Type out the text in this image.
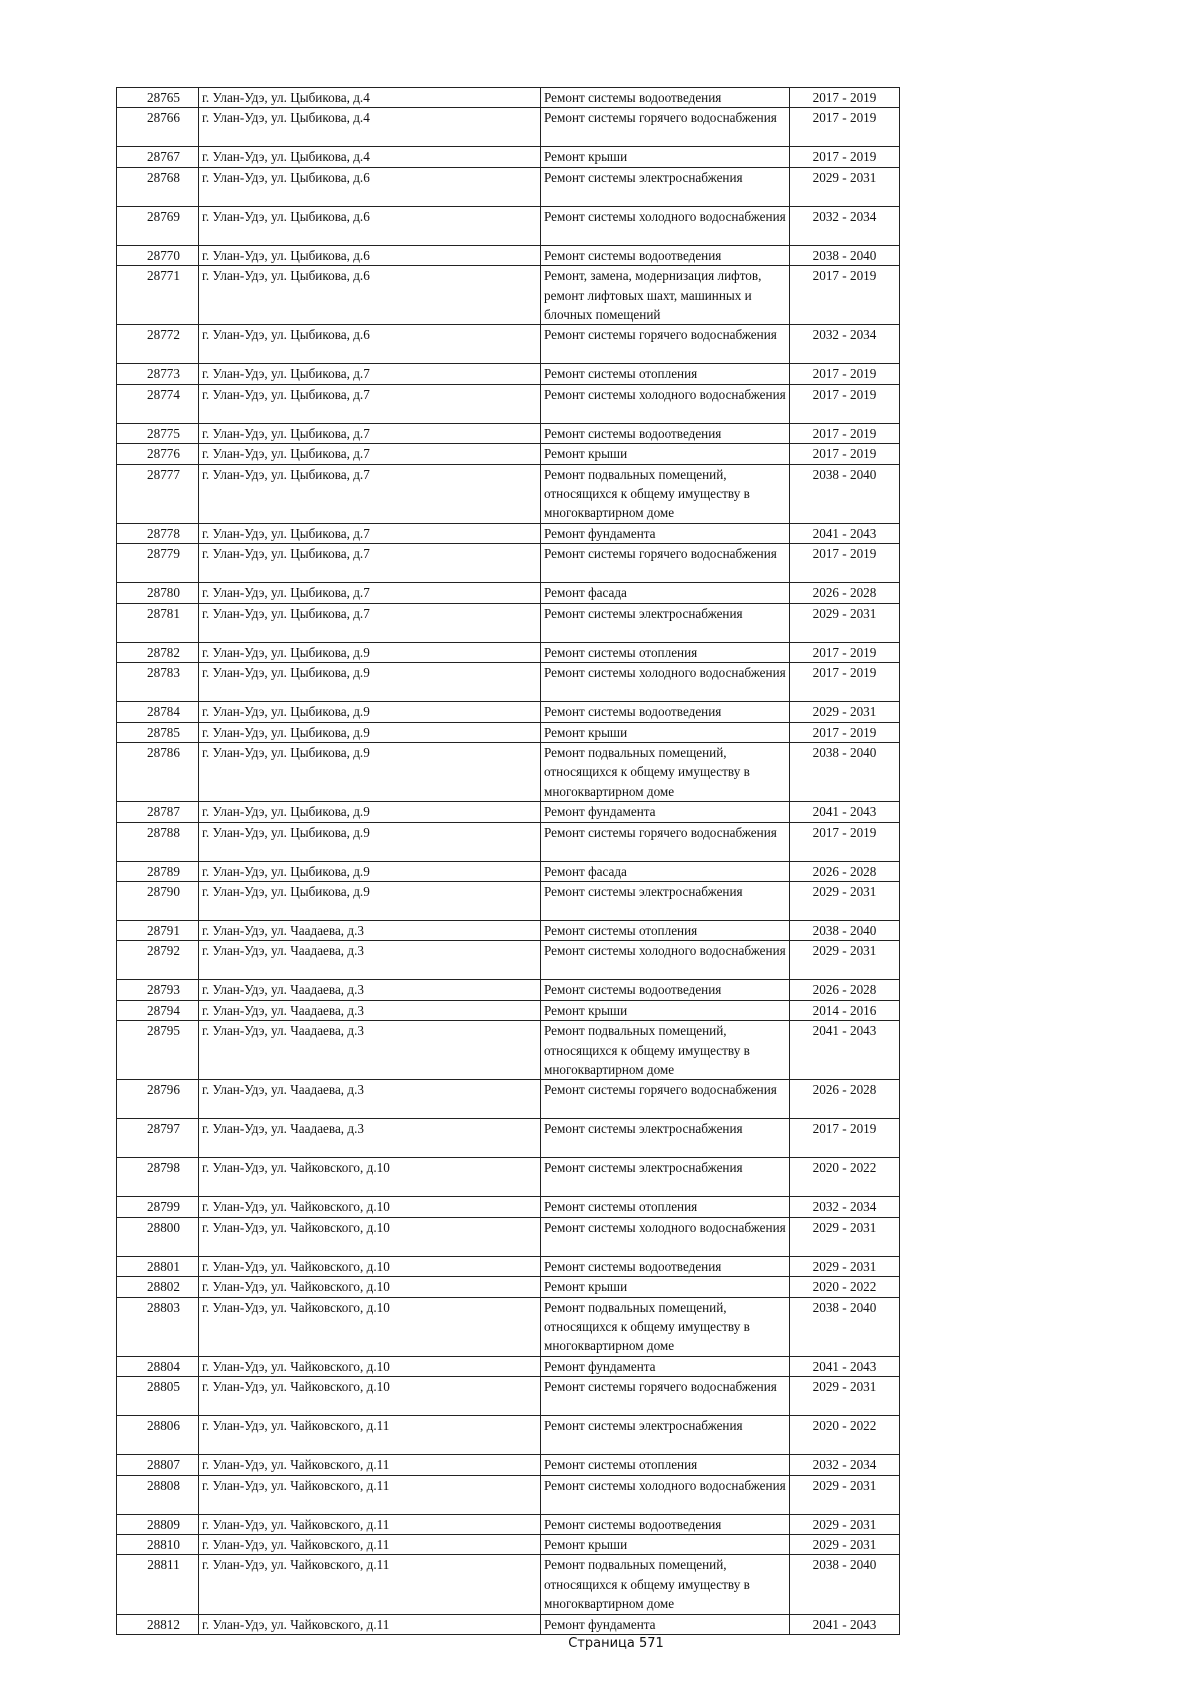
28765	г. Улан-Удэ, ул. Цыбикова, д.4	Ремонт системы водоотведения	2017 - 2019
28766	г. Улан-Удэ, ул. Цыбикова, д.4	Ремонт системы горячего водоснабжения	2017 - 2019
28767	г. Улан-Удэ, ул. Цыбикова, д.4	Ремонт крыши	2017 - 2019
28768	г. Улан-Удэ, ул. Цыбикова, д.6	Ремонт системы электроснабжения	2029 - 2031
28769	г. Улан-Удэ, ул. Цыбикова, д.6	Ремонт системы холодного водоснабжения	2032 - 2034
28770	г. Улан-Удэ, ул. Цыбикова, д.6	Ремонт системы водоотведения	2038 - 2040
28771	г. Улан-Удэ, ул. Цыбикова, д.6	Ремонт, замена, модернизация лифтов, ремонт лифтовых шахт, машинных и блочных помещений	2017 - 2019
28772	г. Улан-Удэ, ул. Цыбикова, д.6	Ремонт системы горячего водоснабжения	2032 - 2034
28773	г. Улан-Удэ, ул. Цыбикова, д.7	Ремонт системы отопления	2017 - 2019
28774	г. Улан-Удэ, ул. Цыбикова, д.7	Ремонт системы холодного водоснабжения	2017 - 2019
28775	г. Улан-Удэ, ул. Цыбикова, д.7	Ремонт системы водоотведения	2017 - 2019
28776	г. Улан-Удэ, ул. Цыбикова, д.7	Ремонт крыши	2017 - 2019
28777	г. Улан-Удэ, ул. Цыбикова, д.7	Ремонт подвальных помещений, относящихся к общему имуществу в многоквартирном доме	2038 - 2040
28778	г. Улан-Удэ, ул. Цыбикова, д.7	Ремонт фундамента	2041 - 2043
28779	г. Улан-Удэ, ул. Цыбикова, д.7	Ремонт системы горячего водоснабжения	2017 - 2019
28780	г. Улан-Удэ, ул. Цыбикова, д.7	Ремонт фасада	2026 - 2028
28781	г. Улан-Удэ, ул. Цыбикова, д.7	Ремонт системы электроснабжения	2029 - 2031
28782	г. Улан-Удэ, ул. Цыбикова, д.9	Ремонт системы отопления	2017 - 2019
28783	г. Улан-Удэ, ул. Цыбикова, д.9	Ремонт системы холодного водоснабжения	2017 - 2019
28784	г. Улан-Удэ, ул. Цыбикова, д.9	Ремонт системы водоотведения	2029 - 2031
28785	г. Улан-Удэ, ул. Цыбикова, д.9	Ремонт крыши	2017 - 2019
28786	г. Улан-Удэ, ул. Цыбикова, д.9	Ремонт подвальных помещений, относящихся к общему имуществу в многоквартирном доме	2038 - 2040
28787	г. Улан-Удэ, ул. Цыбикова, д.9	Ремонт фундамента	2041 - 2043
28788	г. Улан-Удэ, ул. Цыбикова, д.9	Ремонт системы горячего водоснабжения	2017 - 2019
28789	г. Улан-Удэ, ул. Цыбикова, д.9	Ремонт фасада	2026 - 2028
28790	г. Улан-Удэ, ул. Цыбикова, д.9	Ремонт системы электроснабжения	2029 - 2031
28791	г. Улан-Удэ, ул. Чаадаева, д.3	Ремонт системы отопления	2038 - 2040
28792	г. Улан-Удэ, ул. Чаадаева, д.3	Ремонт системы холодного водоснабжения	2029 - 2031
28793	г. Улан-Удэ, ул. Чаадаева, д.3	Ремонт системы водоотведения	2026 - 2028
28794	г. Улан-Удэ, ул. Чаадаева, д.3	Ремонт крыши	2014 - 2016
28795	г. Улан-Удэ, ул. Чаадаева, д.3	Ремонт подвальных помещений, относящихся к общему имуществу в многоквартирном доме	2041 - 2043
28796	г. Улан-Удэ, ул. Чаадаева, д.3	Ремонт системы горячего водоснабжения	2026 - 2028
28797	г. Улан-Удэ, ул. Чаадаева, д.3	Ремонт системы электроснабжения	2017 - 2019
28798	г. Улан-Удэ, ул. Чайковского, д.10	Ремонт системы электроснабжения	2020 - 2022
28799	г. Улан-Удэ, ул. Чайковского, д.10	Ремонт системы отопления	2032 - 2034
28800	г. Улан-Удэ, ул. Чайковского, д.10	Ремонт системы холодного водоснабжения	2029 - 2031
28801	г. Улан-Удэ, ул. Чайковского, д.10	Ремонт системы водоотведения	2029 - 2031
28802	г. Улан-Удэ, ул. Чайковского, д.10	Ремонт крыши	2020 - 2022
28803	г. Улан-Удэ, ул. Чайковского, д.10	Ремонт подвальных помещений, относящихся к общему имуществу в многоквартирном доме	2038 - 2040
28804	г. Улан-Удэ, ул. Чайковского, д.10	Ремонт фундамента	2041 - 2043
28805	г. Улан-Удэ, ул. Чайковского, д.10	Ремонт системы горячего водоснабжения	2029 - 2031
28806	г. Улан-Удэ, ул. Чайковского, д.11	Ремонт системы электроснабжения	2020 - 2022
28807	г. Улан-Удэ, ул. Чайковского, д.11	Ремонт системы отопления	2032 - 2034
28808	г. Улан-Удэ, ул. Чайковского, д.11	Ремонт системы холодного водоснабжения	2029 - 2031
28809	г. Улан-Удэ, ул. Чайковского, д.11	Ремонт системы водоотведения	2029 - 2031
28810	г. Улан-Удэ, ул. Чайковского, д.11	Ремонт крыши	2029 - 2031
28811	г. Улан-Удэ, ул. Чайковского, д.11	Ремонт подвальных помещений, относящихся к общему имуществу в многоквартирном доме	2038 - 2040
28812	г. Улан-Удэ, ул. Чайковского, д.11	Ремонт фундамента	2041 - 2043
Страница 571
